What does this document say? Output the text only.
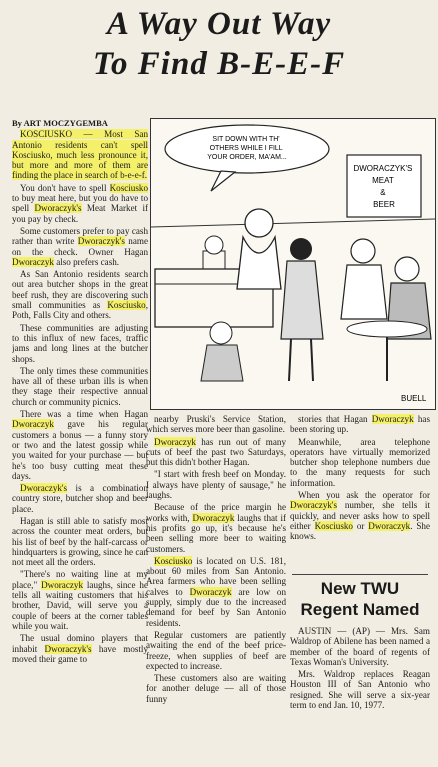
A Way Out Way
To Find B-E-E-F
By ART MOCZYGEMBA

KOSCIUSKO — Most San Antonio residents can't spell Kosciusko, much less pronounce it, but more and more of them are finding the place in search of b-e-e-f.

You don't have to spell Kosciusko to buy meat here, but you do have to spell Dworaczyk's Meat Market if you pay by check.

Some customers prefer to pay cash rather than write Dworaczyk's name on the check. Owner Hagan Dworaczyk also prefers cash.

As San Antonio residents search out area butcher shops in the great beef rush, they are discovering such small communities as Kosciusko, Poth, Falls City and others.

These communities are adjusting to this influx of new faces, traffic jams and long lines at the butcher shops.

The only times these communities have all of these urban ills is when they stage their respective annual church or community picnics.

There was a time when Hagan Dworaczyk gave his regular customers a bonus — a funny story or two and the latest gossip while you waited for your purchase — but he's too busy cutting meat these days.

Dworaczyk's is a combination country store, butcher shop and beer place.

Hagan is still able to satisfy most across the counter meat orders, but his list of beef by the half-carcass or hindquarters is growing, since he can not meet all the orders.

"There's no waiting line at my place," Dworaczyk laughs, since he tells all waiting customers that his brother, David, will serve you a couple of beers at the corner tables while you wait.

The usual domino players that inhabit Dworaczyk's have mostly moved their game to

SIT DOWN WITH TH' OTHERS WHILE I FILL YOUR ORDER, MA'AM...
DWORACZYK'S MEAT & BEER
BUELL

nearby Pruski's Service Station, which serves more beer than gasoline.

Dworaczyk has run out of many cuts of beef the past two Saturdays, but this didn't bother Hagan.

"I start with fresh beef on Monday. I always have plenty of sausage," he laughs.

Because of the price margin he works with, Dworaczyk laughs that if his profits go up, it's because he's been selling more beer to waiting customers.

Kosciusko is located on U.S. 181, about 60 miles from San Antonio. Area farmers who have been selling calves to Dworaczyk are low on supply, simply due to the increased demand for beef by San Antonio residents.

Regular customers are patiently awaiting the end of the beef price-freeze, when supplies of beef are expected to increase.

These customers also are waiting for another deluge — all of those funny

stories that Hagan Dworaczyk has been storing up.

Meanwhile, area telephone operators have virtually memorized butcher shop telephone numbers due to the many requests for such information.

When you ask the operator for Dworaczyk's number, she tells it quickly, and never asks how to spell either Kosciusko or Dworaczyk. She knows.

New TWU
Regent Named

AUSTIN — (AP) — Mrs. Sam Waldrop of Abilene has been named a member of the board of regents of Texas Woman's University.

Mrs. Waldrop replaces Reagan Houston III of San Antonio who resigned. She will serve a six-year term to end Jan. 10, 1977.
